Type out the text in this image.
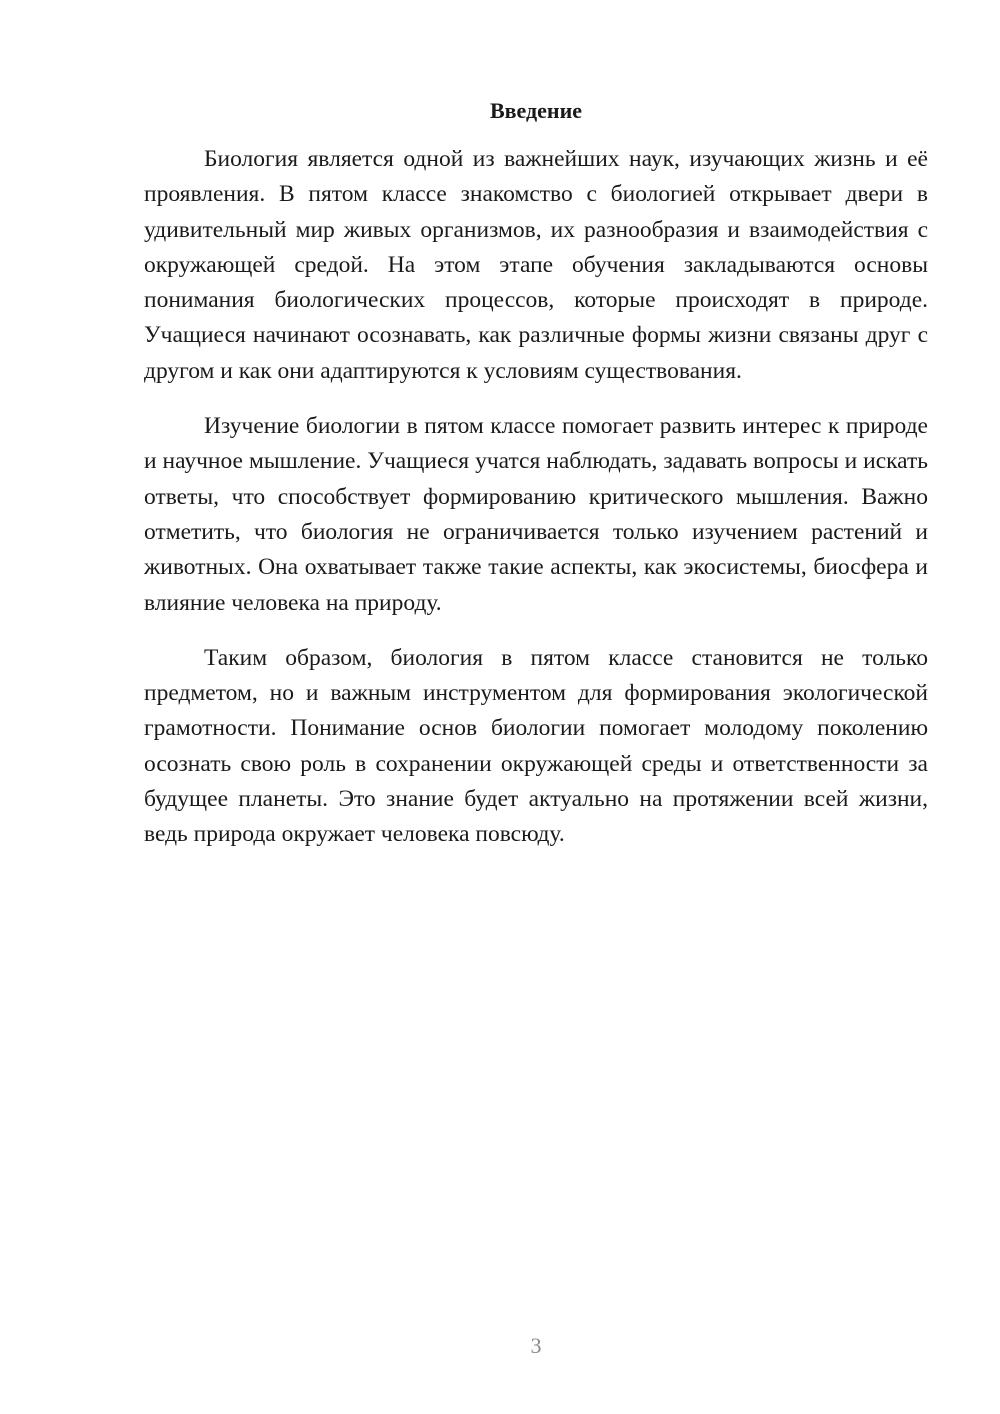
Введение

Биология является одной из важнейших наук, изучающих жизнь и её проявления. В пятом классе знакомство с биологией открывает двери в удивительный мир живых организмов, их разнообразия и взаимодействия с окружающей средой. На этом этапе обучения закладываются основы понимания биологических процессов, которые происходят в природе. Учащиеся начинают осознавать, как различные формы жизни связаны друг с другом и как они адаптируются к условиям существования.

Изучение биологии в пятом классе помогает развить интерес к природе и научное мышление. Учащиеся учатся наблюдать, задавать вопросы и искать ответы, что способствует формированию критического мышления. Важно отметить, что биология не ограничивается только изучением растений и животных. Она охватывает также такие аспекты, как экосистемы, биосфера и влияние человека на природу.

Таким образом, биология в пятом классе становится не только предметом, но и важным инструментом для формирования экологической грамотности. Понимание основ биологии помогает молодому поколению осознать свою роль в сохранении окружающей среды и ответственности за будущее планеты. Это знание будет актуально на протяжении всей жизни, ведь природа окружает человека повсюду.

3
